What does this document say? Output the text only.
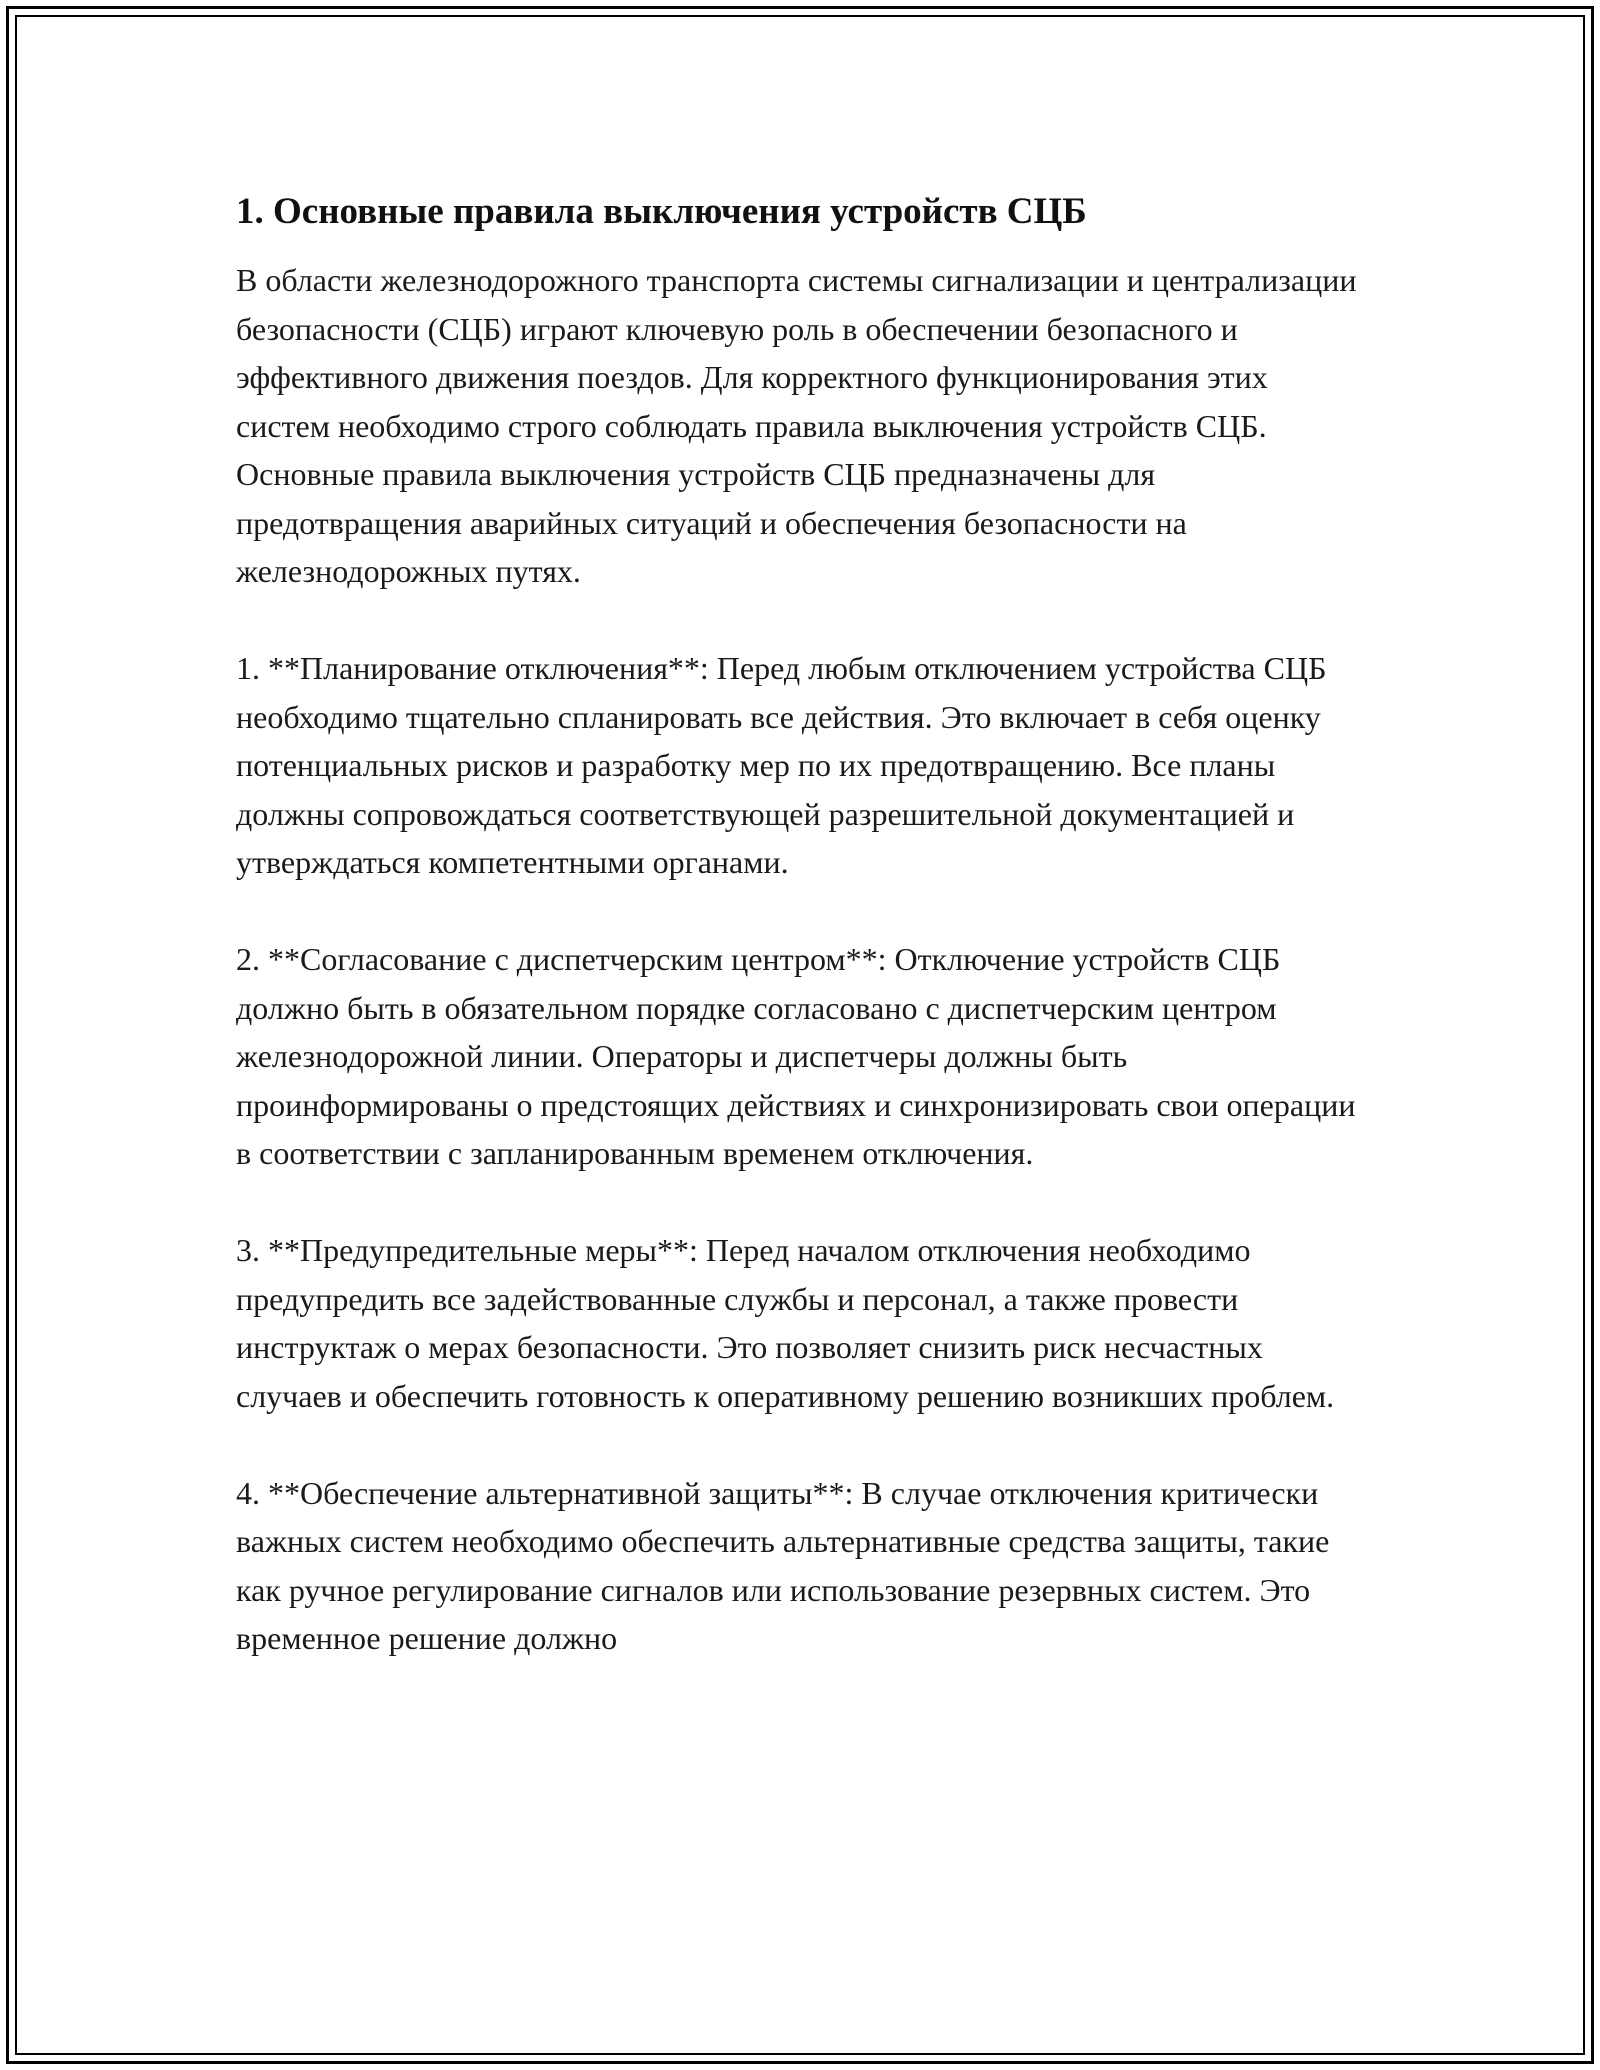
1. Основные правила выключения устройств СЦБ

В области железнодорожного транспорта системы сигнализации и централизации безопасности (СЦБ) играют ключевую роль в обеспечении безопасного и эффективного движения поездов. Для корректного функционирования этих систем необходимо строго соблюдать правила выключения устройств СЦБ. Основные правила выключения устройств СЦБ предназначены для предотвращения аварийных ситуаций и обеспечения безопасности на железнодорожных путях.

1. **Планирование отключения**: Перед любым отключением устройства СЦБ необходимо тщательно спланировать все действия. Это включает в себя оценку потенциальных рисков и разработку мер по их предотвращению. Все планы должны сопровождаться соответствующей разрешительной документацией и утверждаться компетентными органами.

2. **Согласование с диспетчерским центром**: Отключение устройств СЦБ должно быть в обязательном порядке согласовано с диспетчерским центром железнодорожной линии. Операторы и диспетчеры должны быть проинформированы о предстоящих действиях и синхронизировать свои операции в соответствии с запланированным временем отключения.

3. **Предупредительные меры**: Перед началом отключения необходимо предупредить все задействованные службы и персонал, а также провести инструктаж о мерах безопасности. Это позволяет снизить риск несчастных случаев и обеспечить готовность к оперативному решению возникших проблем.

4. **Обеспечение альтернативной защиты**: В случае отключения критически важных систем необходимо обеспечить альтернативные средства защиты, такие как ручное регулирование сигналов или использование резервных систем. Это временное решение должно
